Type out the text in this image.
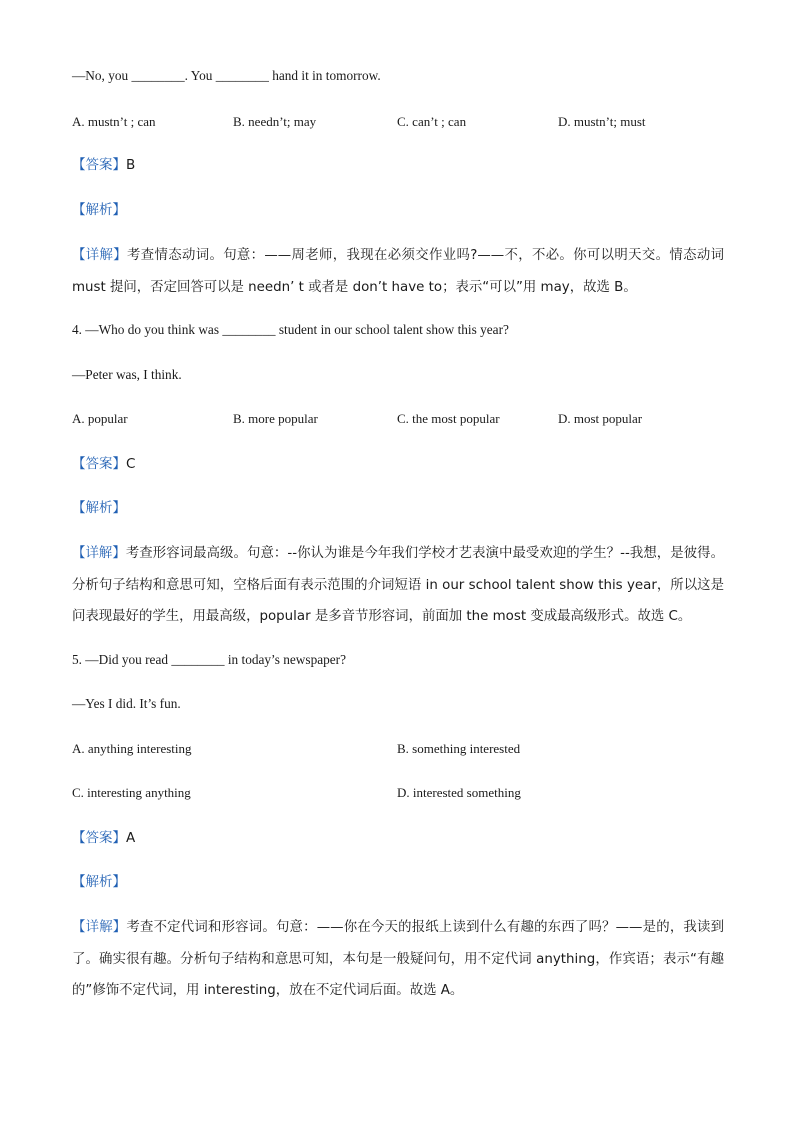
—No, you ________. You ________ hand it in tomorrow.
A. mustn’t ; can	B. needn’t; may	C. can’t ; can	D. mustn’t; must
【答案】B
【解析】
【详解】考查情态动词。句意：——周老师，我现在必须交作业吗?——不，不必。你可以明天交。情态动词 must 提问，否定回答可以是 needn’ t 或者是 don’t have to；表示“可以”用 may，故选 B。
4. —Who do you think was ________ student in our school talent show this year?
—Peter was, I think.
A. popular	B. more popular	C. the most popular	D. most popular
【答案】C
【解析】
【详解】考查形容词最高级。句意：--你认为谁是今年我们学校才艺表演中最受欢迎的学生？--我想，是彼得。分析句子结构和意思可知，空格后面有表示范围的介词短语 in our school talent show this year，所以这是问表现最好的学生，用最高级，popular 是多音节形容词，前面加 the most 变成最高级形式。故选 C。
5. —Did you read ________ in today’s newspaper?
—Yes I did. It’s fun.
A. anything interesting	B. something interested
C. interesting anything	D. interested something
【答案】A
【解析】
【详解】考查不定代词和形容词。句意：——你在今天的报纸上读到什么有趣的东西了吗？——是的，我读到了。确实很有趣。分析句子结构和意思可知，本句是一般疑问句，用不定代词 anything，作宾语；表示“有趣的”修饰不定代词，用 interesting，放在不定代词后面。故选 A。
